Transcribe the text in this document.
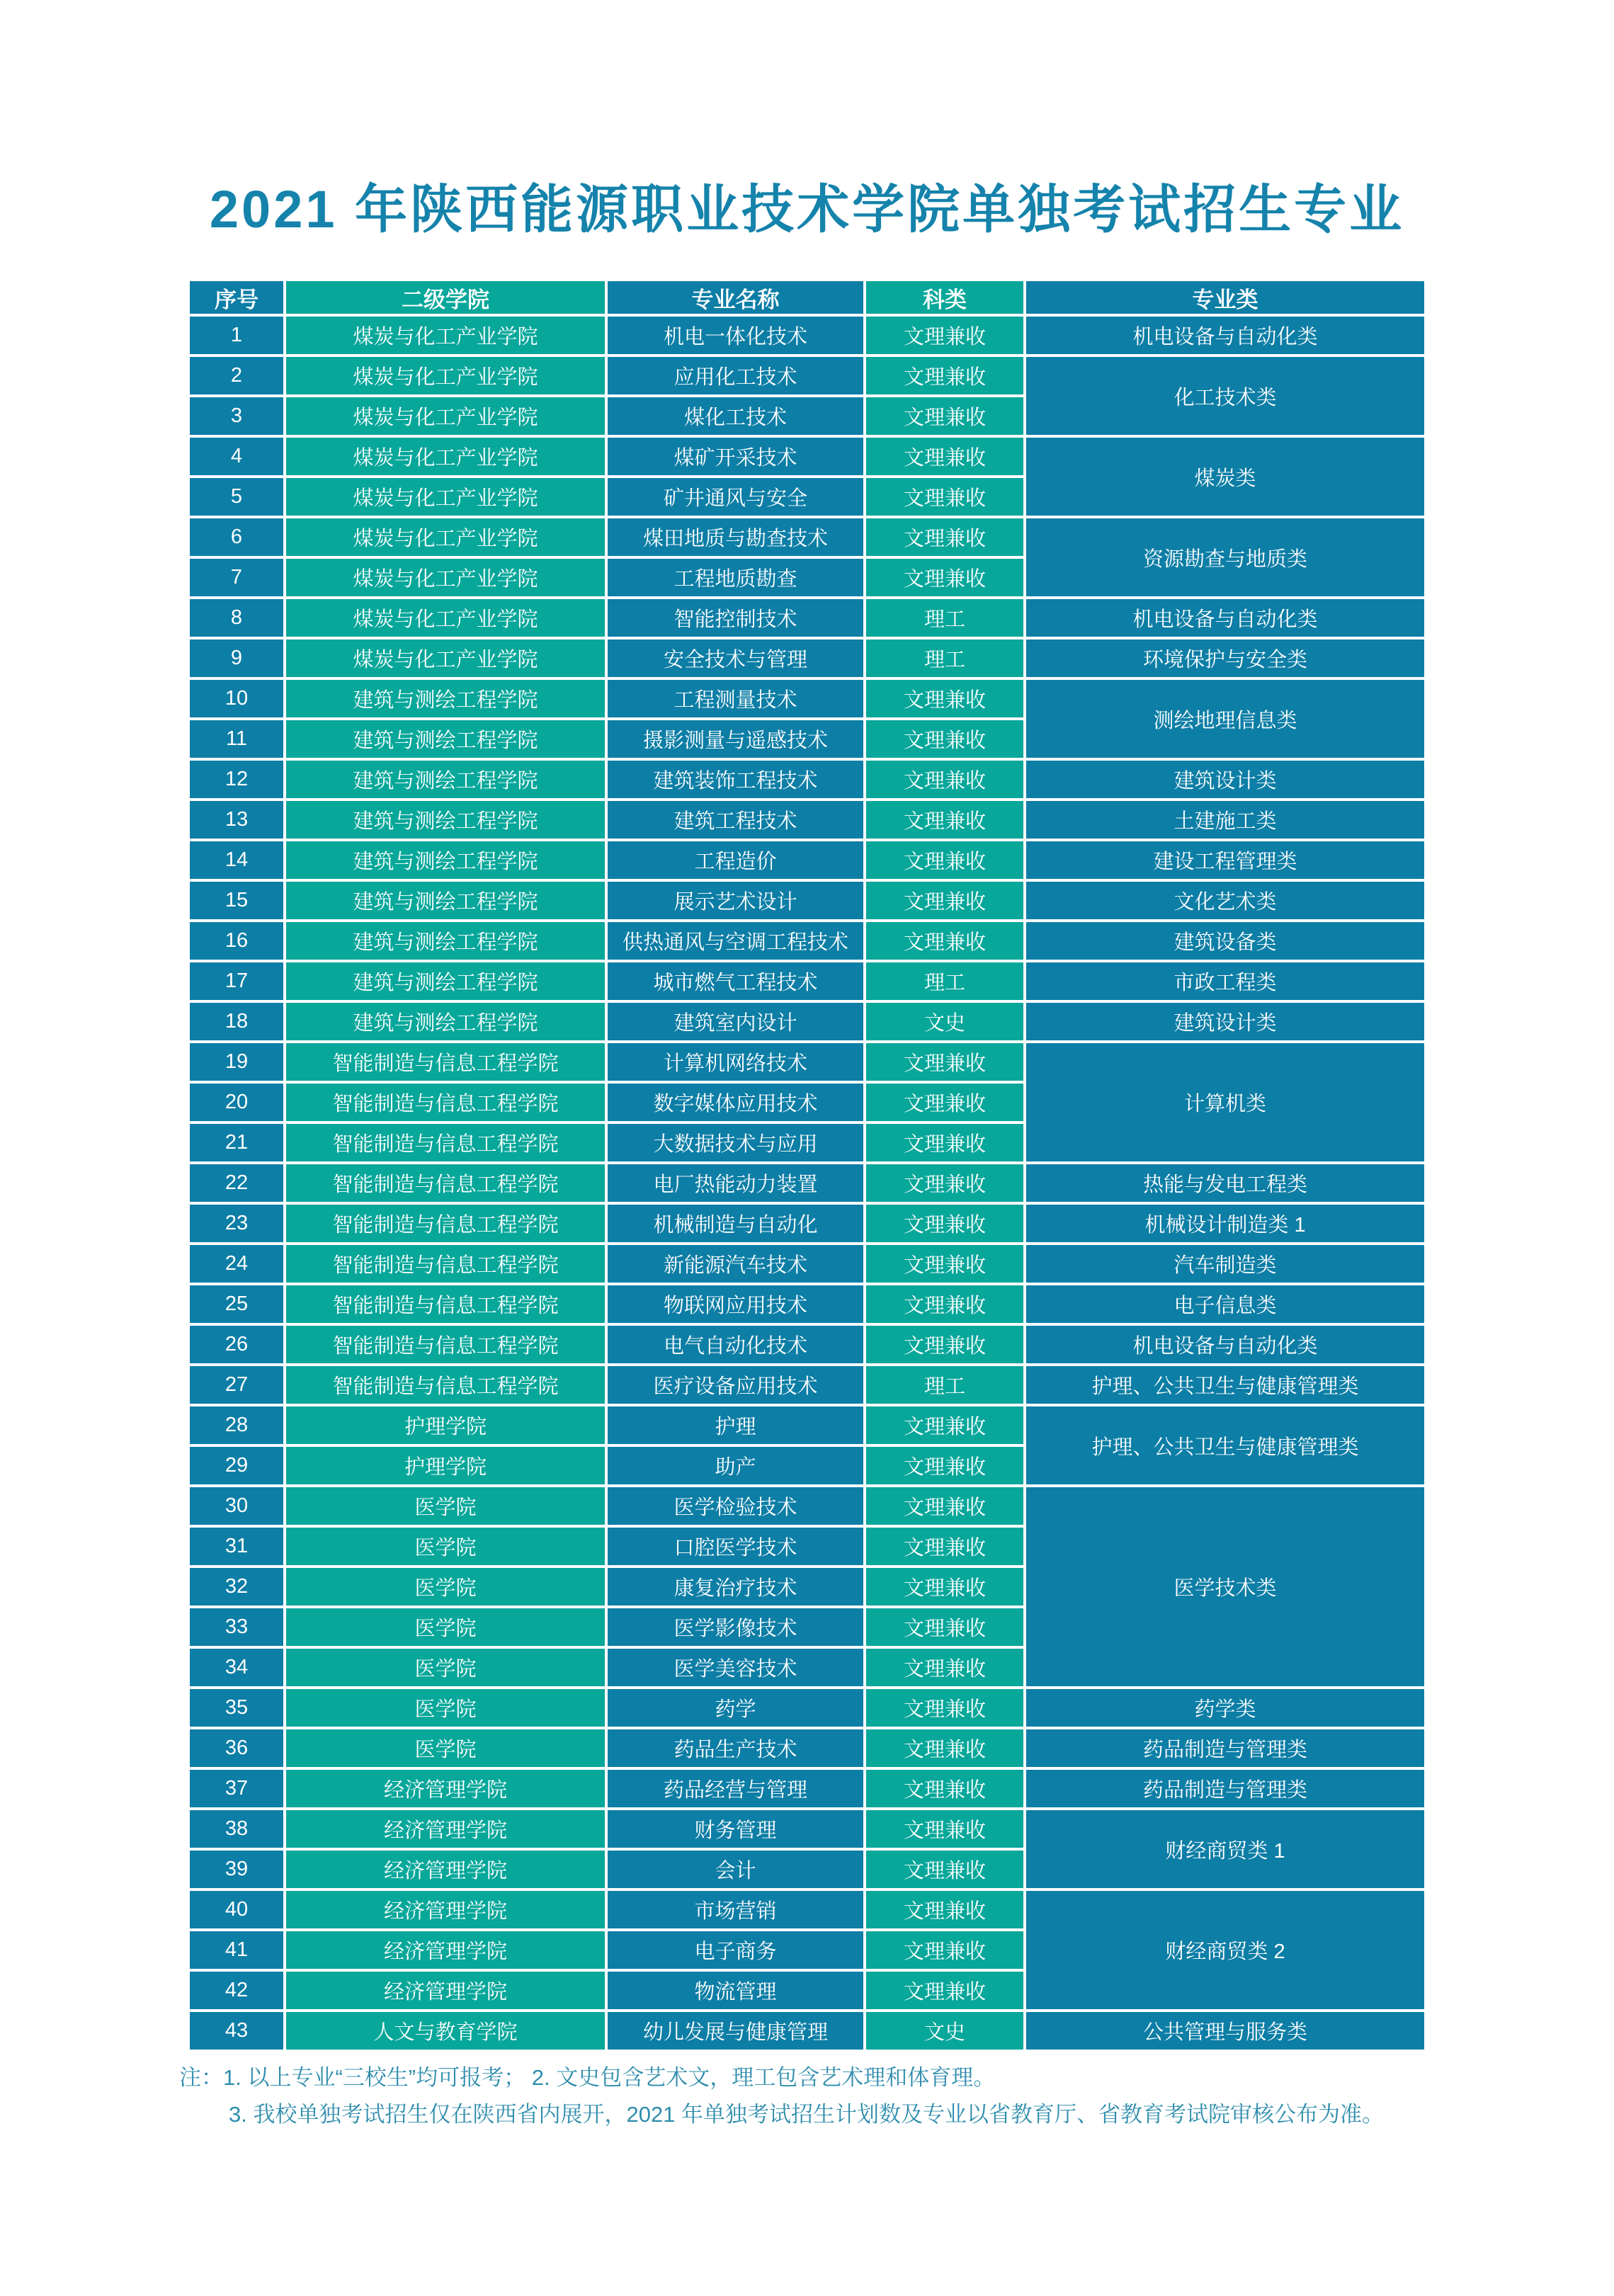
2021 年陕西能源职业技术学院单独考试招生专业
序号	二级学院	专业名称	科类	专业类
1	煤炭与化工产业学院	机电一体化技术	文理兼收	机电设备与自动化类
2	煤炭与化工产业学院	应用化工技术	文理兼收	化工技术类
3	煤炭与化工产业学院	煤化工技术	文理兼收	
4	煤炭与化工产业学院	煤矿开采技术	文理兼收	煤炭类
5	煤炭与化工产业学院	矿井通风与安全	文理兼收	
6	煤炭与化工产业学院	煤田地质与勘查技术	文理兼收	资源勘查与地质类
7	煤炭与化工产业学院	工程地质勘查	文理兼收	
8	煤炭与化工产业学院	智能控制技术	理工	机电设备与自动化类
9	煤炭与化工产业学院	安全技术与管理	理工	环境保护与安全类
10	建筑与测绘工程学院	工程测量技术	文理兼收	测绘地理信息类
11	建筑与测绘工程学院	摄影测量与遥感技术	文理兼收	
12	建筑与测绘工程学院	建筑装饰工程技术	文理兼收	建筑设计类
13	建筑与测绘工程学院	建筑工程技术	文理兼收	土建施工类
14	建筑与测绘工程学院	工程造价	文理兼收	建设工程管理类
15	建筑与测绘工程学院	展示艺术设计	文理兼收	文化艺术类
16	建筑与测绘工程学院	供热通风与空调工程技术	文理兼收	建筑设备类
17	建筑与测绘工程学院	城市燃气工程技术	理工	市政工程类
18	建筑与测绘工程学院	建筑室内设计	文史	建筑设计类
19	智能制造与信息工程学院	计算机网络技术	文理兼收	计算机类
20	智能制造与信息工程学院	数字媒体应用技术	文理兼收	
21	智能制造与信息工程学院	大数据技术与应用	文理兼收	
22	智能制造与信息工程学院	电厂热能动力装置	文理兼收	热能与发电工程类
23	智能制造与信息工程学院	机械制造与自动化	文理兼收	机械设计制造类 1
24	智能制造与信息工程学院	新能源汽车技术	文理兼收	汽车制造类
25	智能制造与信息工程学院	物联网应用技术	文理兼收	电子信息类
26	智能制造与信息工程学院	电气自动化技术	文理兼收	机电设备与自动化类
27	智能制造与信息工程学院	医疗设备应用技术	理工	护理、公共卫生与健康管理类
28	护理学院	护理	文理兼收	护理、公共卫生与健康管理类
29	护理学院	助产	文理兼收	
30	医学院	医学检验技术	文理兼收	医学技术类
31	医学院	口腔医学技术	文理兼收	
32	医学院	康复治疗技术	文理兼收	
33	医学院	医学影像技术	文理兼收	
34	医学院	医学美容技术	文理兼收	
35	医学院	药学	文理兼收	药学类
36	医学院	药品生产技术	文理兼收	药品制造与管理类
37	经济管理学院	药品经营与管理	文理兼收	药品制造与管理类
38	经济管理学院	财务管理	文理兼收	财经商贸类 1
39	经济管理学院	会计	文理兼收	
40	经济管理学院	市场营销	文理兼收	财经商贸类 2
41	经济管理学院	电子商务	文理兼收	
42	经济管理学院	物流管理	文理兼收	
43	人文与教育学院	幼儿发展与健康管理	文史	公共管理与服务类
注：1. 以上专业“三校生”均可报考； 2. 文史包含艺术文，理工包含艺术理和体育理。
3. 我校单独考试招生仅在陕西省内展开，2021 年单独考试招生计划数及专业以省教育厅、省教育考试院审核公布为准。
